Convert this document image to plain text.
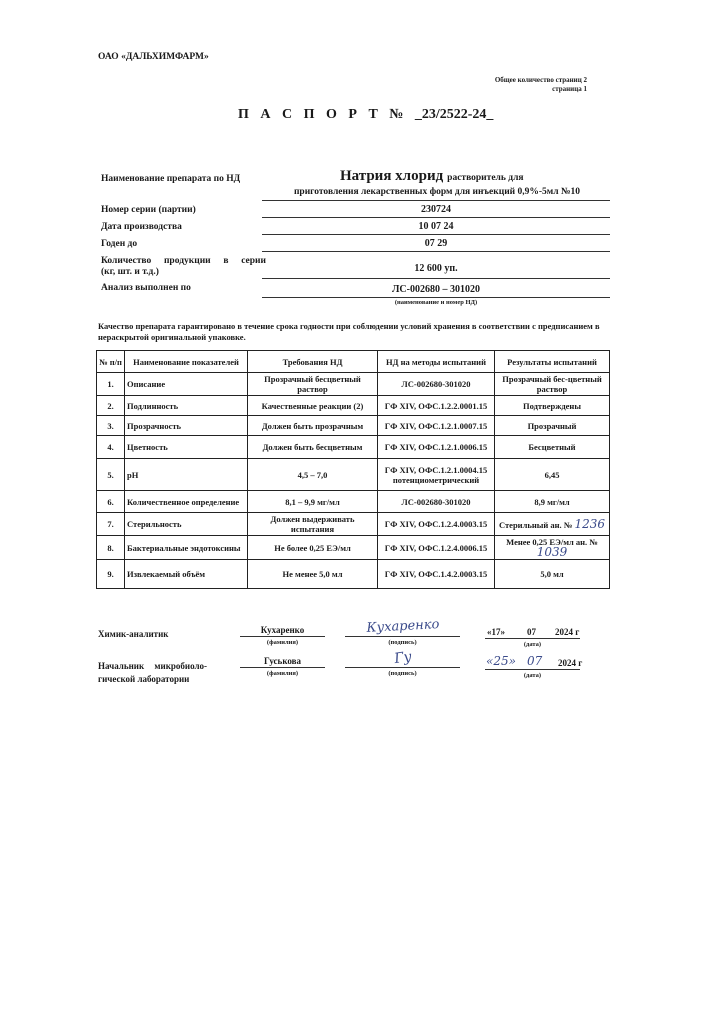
ОАО «ДАЛЬХИМФАРМ»
Общее количество страниц 2
страница 1
П А С П О Р Т № _23/2522-24_
Наименование препарата по НД	Натрия хлорид растворитель для
приготовления лекарственных форм для инъекций 0,9%-5мл №10
Номер серии (партии)	230724
Дата производства	10 07 24
Годен до	07 29
Количество продукции в серии
(кг, шт. и т.д.)	12 600 уп.
Анализ выполнен по	ЛС-002680 – 301020
(наименование и номер НД)
Качество препарата гарантировано в течение срока годности при соблюдении условий хранения в соответствии с предписанием в нераскрытой оригинальной упаковке.
№ п/п	Наименование показателей	Требования НД	НД на методы испытаний	Результаты испытаний
1.	Описание	Прозрачный бесцветный раствор	ЛС-002680-301020	Прозрачный бес-цветный раствор
2.	Подлинность	Качественные реакции (2)	ГФ XIV, ОФС.1.2.2.0001.15	Подтверждены
3.	Прозрачность	Должен быть прозрачным	ГФ XIV, ОФС.1.2.1.0007.15	Прозрачный
4.	Цветность	Должен быть бесцветным	ГФ XIV, ОФС.1.2.1.0006.15	Бесцветный
5.	pH	4,5 – 7,0	ГФ XIV, ОФС.1.2.1.0004.15 потенциометрический	6,45
6.	Количественное определение	8,1 – 9,9 мг/мл	ЛС-002680-301020	8,9 мг/мл
7.	Стерильность	Должен выдерживать испытания	ГФ XIV, ОФС.1.2.4.0003.15	Стерильный ан. № 1236
8.	Бактериальные эндотоксины	Не более 0,25 ЕЭ/мл	ГФ XIV, ОФС.1.2.4.0006.15	Менее 0,25 ЕЭ/мл ан. № 1039
9.	Извлекаемый объём	Не менее 5,0 мл	ГФ XIV, ОФС.1.4.2.0003.15	5,0 мл
Химик-аналитик	Кухаренко
(фамилия)
Кухаренко
(подпись)
«17» 07 2024 г
(дата)
Начальник микробиоло-
гической лаборатории
Гуськова
(фамилия)
Гу
(подпись)
«25» 07 2024 г
(дата)
